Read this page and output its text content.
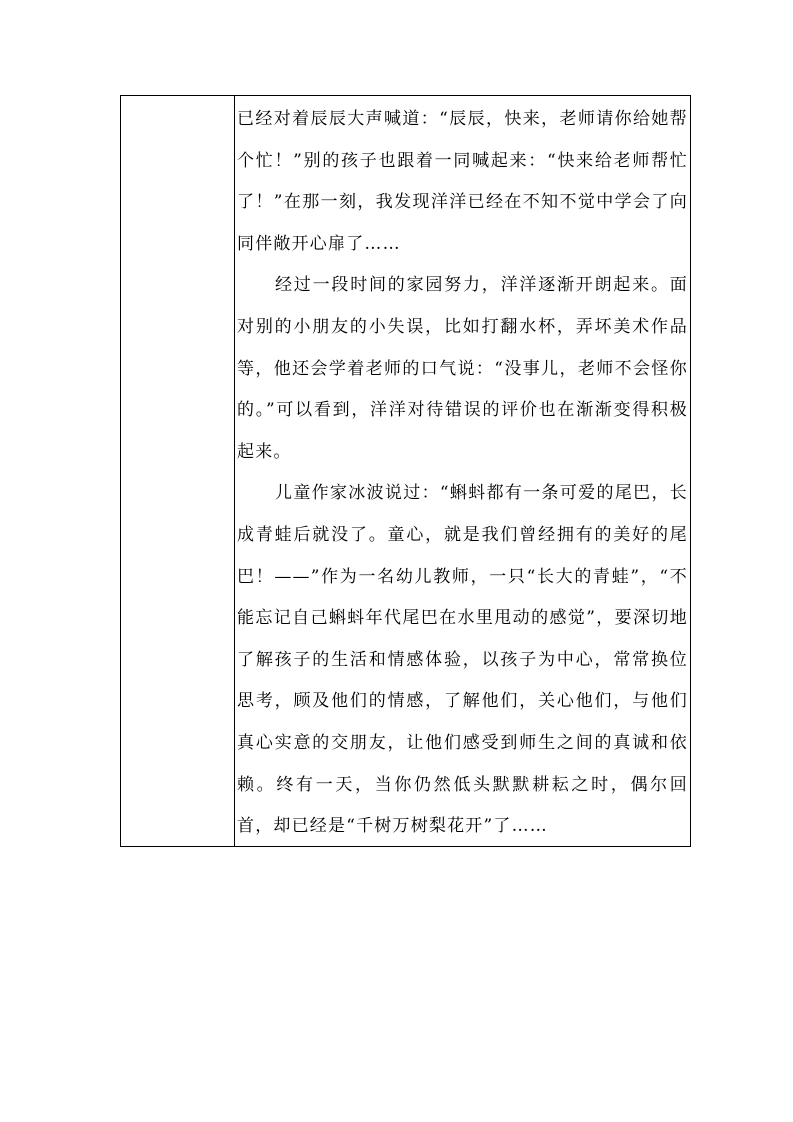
已经对着辰辰大声喊道：“辰辰，快来，老师请你给她帮个忙！”别的孩子也跟着一同喊起来：“快来给老师帮忙了！”在那一刻，我发现洋洋已经在不知不觉中学会了向同伴敞开心扉了……

经过一段时间的家园努力，洋洋逐渐开朗起来。面对别的小朋友的小失误，比如打翻水杯，弄坏美术作品等，他还会学着老师的口气说：“没事儿，老师不会怪你的。”可以看到，洋洋对待错误的评价也在渐渐变得积极起来。

儿童作家冰波说过：“蝌蚪都有一条可爱的尾巴，长成青蛙后就没了。童心，就是我们曾经拥有的美好的尾巴！——”作为一名幼儿教师，一只“长大的青蛙”，“不能忘记自己蝌蚪年代尾巴在水里甩动的感觉”，要深切地了解孩子的生活和情感体验，以孩子为中心，常常换位思考，顾及他们的情感，了解他们，关心他们，与他们真心实意的交朋友，让他们感受到师生之间的真诚和依赖。终有一天，当你仍然低头默默耕耘之时，偶尔回首，却已经是“千树万树梨花开”了……
